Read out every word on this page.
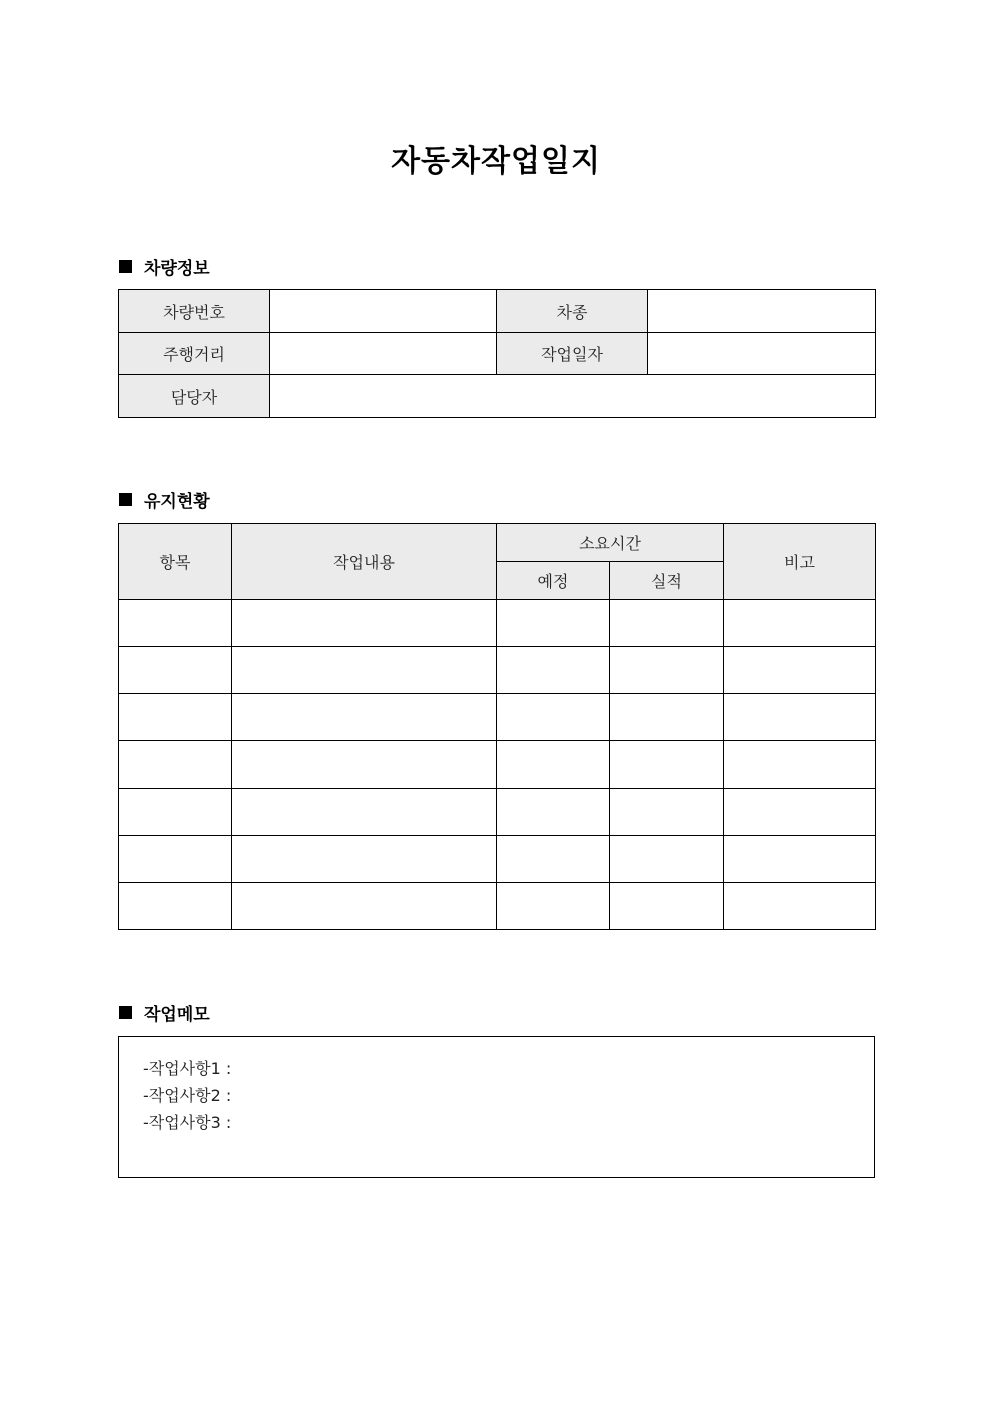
자동차작업일지
차량정보
차량번호		차종	
주행거리		작업일자	
담당자			
유지현황
항목	작업내용	소요시간		비고
		예정	실적	

작업메모
-작업사항1 :
-작업사항2 :
-작업사항3 :
